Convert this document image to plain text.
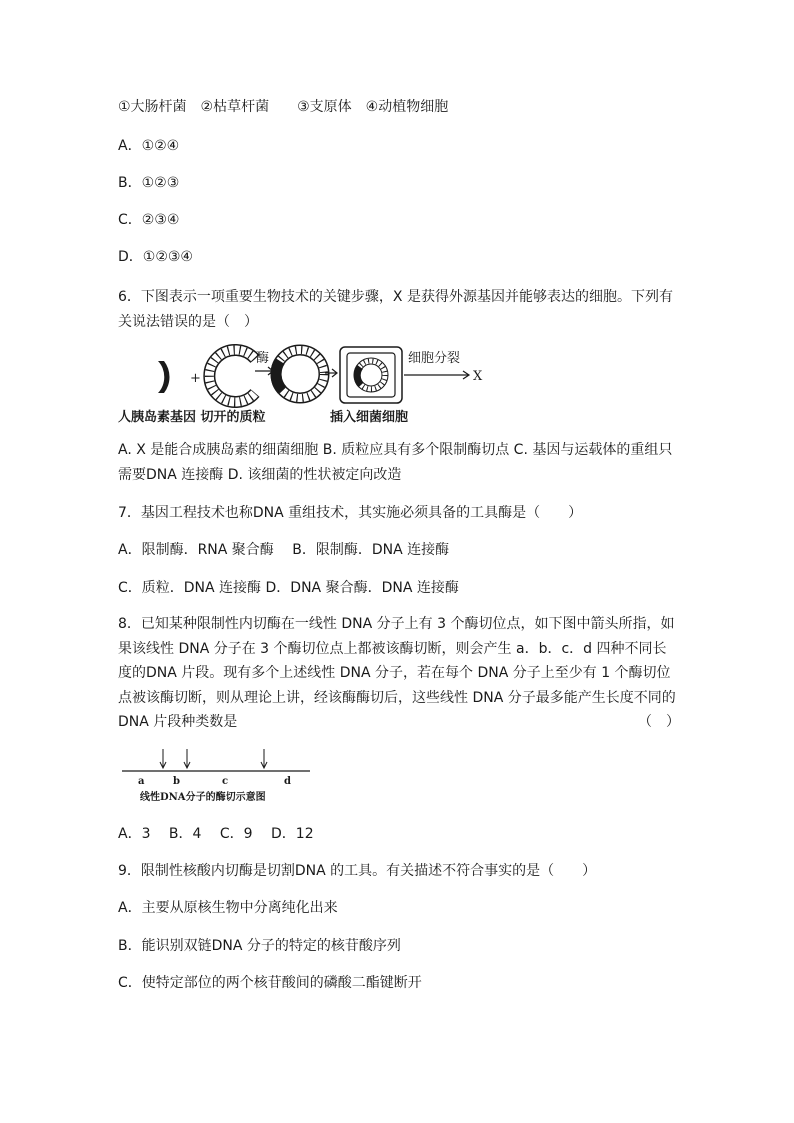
①大肠杆菌　②枯草杆菌　　③支原体　④动植物细胞
A．①②④
B．①②③
C．②③④
D．①②③④
6．下图表示一项重要生物技术的关键步骤，X 是获得外源基因并能够表达的细胞。下列有关说法错误的是（　）
+
酶	细胞分裂
X
人胰岛素基因 切开的质粒	插入细菌细胞
A. X 是能合成胰岛素的细菌细胞 B. 质粒应具有多个限制酶切点 C. 基因与运载体的重组只需要DNA 连接酶 D. 该细菌的性状被定向改造
7．基因工程技术也称DNA 重组技术，其实施必须具备的工具酶是（　　）
A．限制酶．RNA 聚合酶　 B．限制酶．DNA 连接酶
C．质粒．DNA 连接酶 D．DNA 聚合酶．DNA 连接酶
8．已知某种限制性内切酶在一线性 DNA 分子上有 3 个酶切位点，如下图中箭头所指，如果该线性 DNA 分子在 3 个酶切位点上都被该酶切断，则会产生 a．b．c．d 四种不同长度的DNA 片段。现有多个上述线性 DNA 分子，若在每个 DNA 分子上至少有 1 个酶切位点被该酶切断，则从理论上讲，经该酶酶切后，这些线性 DNA 分子最多能产生长度不同的DNA 片段种类数是	（　）
a	b	c	d
线性DNA分子的酶切示意图
A．3　 B．4　 C．9　 D．12
9．限制性核酸内切酶是切割DNA 的工具。有关描述不符合事实的是（　　）
A．主要从原核生物中分离纯化出来
B．能识别双链DNA 分子的特定的核苷酸序列
C．使特定部位的两个核苷酸间的磷酸二酯键断开
